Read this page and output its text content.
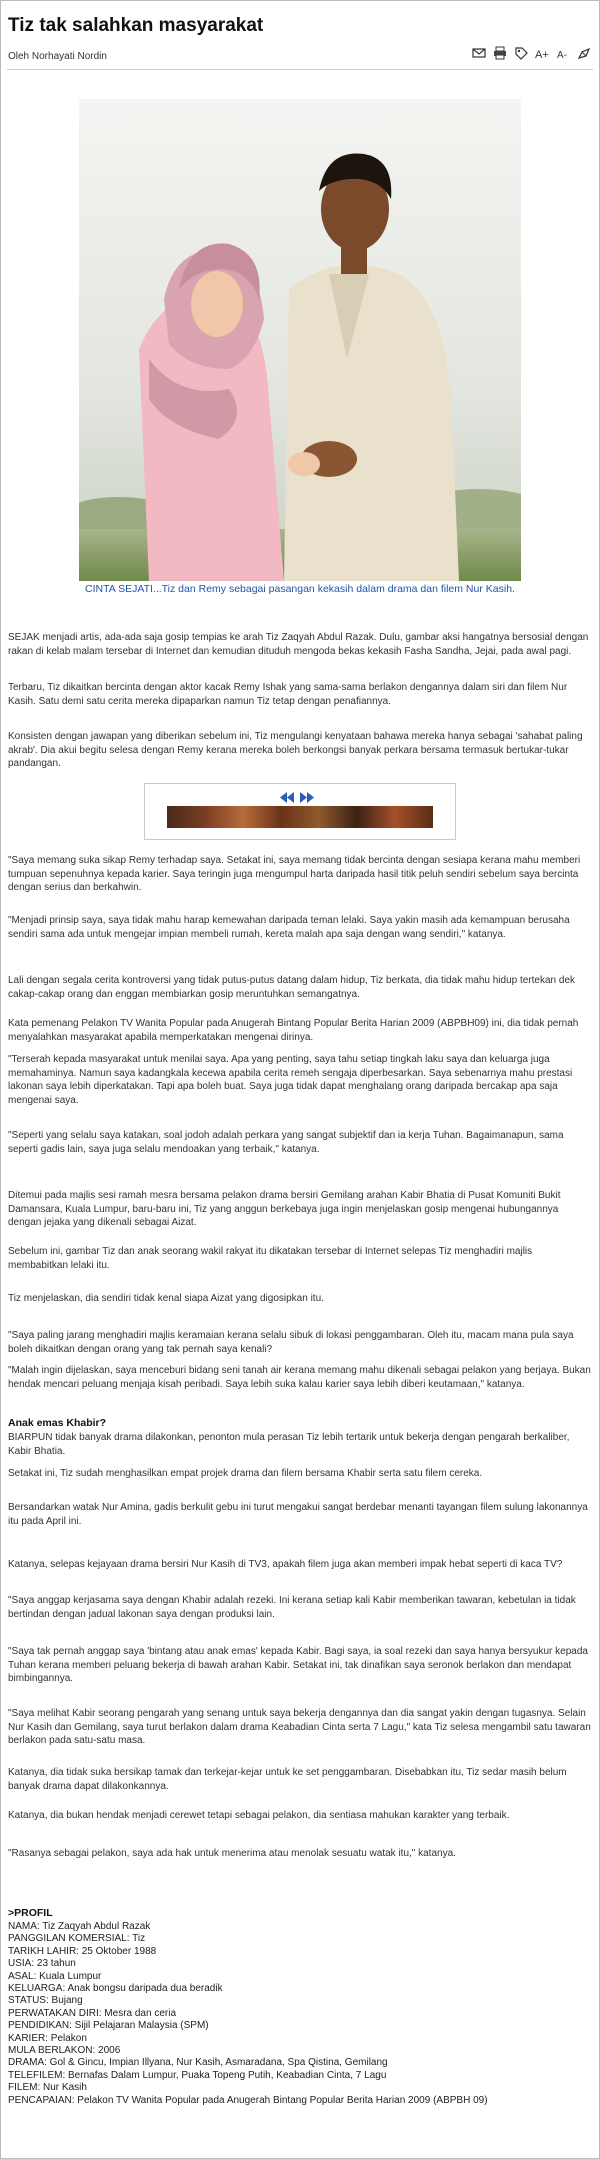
Tiz tak salahkan masyarakat
Oleh Norhayati Nordin	A+ A-
CINTA SEJATI...Tiz dan Remy sebagai pasangan kekasih dalam drama dan filem Nur Kasih.

SEJAK menjadi artis, ada-ada saja gosip tempias ke arah Tiz Zaqyah Abdul Razak. Dulu, gambar aksi hangatnya bersosial dengan rakan di kelab malam tersebar di Internet dan kemudian dituduh mengoda bekas kekasih Fasha Sandha, Jejai, pada awal pagi.

Terbaru, Tiz dikaitkan bercinta dengan aktor kacak Remy Ishak yang sama-sama berlakon dengannya dalam siri dan filem Nur Kasih. Satu demi satu cerita mereka dipaparkan namun Tiz tetap dengan penafiannya.

Konsisten dengan jawapan yang diberikan sebelum ini, Tiz mengulangi kenyataan bahawa mereka hanya sebagai 'sahabat paling akrab'. Dia akui begitu selesa dengan Remy kerana mereka boleh berkongsi banyak perkara bersama termasuk bertukar-tukar pandangan.

"Saya memang suka sikap Remy terhadap saya. Setakat ini, saya memang tidak bercinta dengan sesiapa kerana mahu memberi tumpuan sepenuhnya kepada karier. Saya teringin juga mengumpul harta daripada hasil titik peluh sendiri sebelum saya bercinta dengan serius dan berkahwin.

"Menjadi prinsip saya, saya tidak mahu harap kemewahan daripada teman lelaki. Saya yakin masih ada kemampuan berusaha sendiri sama ada untuk mengejar impian membeli rumah, kereta malah apa saja dengan wang sendiri," katanya.

Lali dengan segala cerita kontroversi yang tidak putus-putus datang dalam hidup, Tiz berkata, dia tidak mahu hidup tertekan dek cakap-cakap orang dan enggan membiarkan gosip meruntuhkan semangatnya.

Kata pemenang Pelakon TV Wanita Popular pada Anugerah Bintang Popular Berita Harian 2009 (ABPBH09) ini, dia tidak pernah menyalahkan masyarakat apabila memperkatakan mengenai dirinya.

"Terserah kepada masyarakat untuk menilai saya. Apa yang penting, saya tahu setiap tingkah laku saya dan keluarga juga memahaminya. Namun saya kadangkala kecewa apabila cerita remeh sengaja diperbesarkan. Saya sebenarnya mahu prestasi lakonan saya lebih diperkatakan. Tapi apa boleh buat. Saya juga tidak dapat menghalang orang daripada bercakap apa saja mengenai saya.

"Seperti yang selalu saya katakan, soal jodoh adalah perkara yang sangat subjektif dan ia kerja Tuhan. Bagaimanapun, sama seperti gadis lain, saya juga selalu mendoakan yang terbaik," katanya.

Ditemui pada majlis sesi ramah mesra bersama pelakon drama bersiri Gemilang arahan Kabir Bhatia di Pusat Komuniti Bukit Damansara, Kuala Lumpur, baru-baru ini, Tiz yang anggun berkebaya juga ingin menjelaskan gosip mengenai hubungannya dengan jejaka yang dikenali sebagai Aizat.

Sebelum ini, gambar Tiz dan anak seorang wakil rakyat itu dikatakan tersebar di Internet selepas Tiz menghadiri majlis membabitkan lelaki itu.

Tiz menjelaskan, dia sendiri tidak kenal siapa Aizat yang digosipkan itu.

"Saya paling jarang menghadiri majlis keramaian kerana selalu sibuk di lokasi penggambaran. Oleh itu, macam mana pula saya boleh dikaitkan dengan orang yang tak pernah saya kenali?

"Malah ingin dijelaskan, saya menceburi bidang seni tanah air kerana memang mahu dikenali sebagai pelakon yang berjaya. Bukan hendak mencari peluang menjaja kisah peribadi. Saya lebih suka kalau karier saya lebih diberi keutamaan," katanya.

Anak emas Khabir?

BIARPUN tidak banyak drama dilakonkan, penonton mula perasan Tiz lebih tertarik untuk bekerja dengan pengarah berkaliber, Kabir Bhatia.

Setakat ini, Tiz sudah menghasilkan empat projek drama dan filem bersama Khabir serta satu filem cereka.

Bersandarkan watak Nur Amina, gadis berkulit gebu ini turut mengakui sangat berdebar menanti tayangan filem sulung lakonannya itu pada April ini.

Katanya, selepas kejayaan drama bersiri Nur Kasih di TV3, apakah filem juga akan memberi impak hebat seperti di kaca TV?

"Saya anggap kerjasama saya dengan Khabir adalah rezeki. Ini kerana setiap kali Kabir memberikan tawaran, kebetulan ia tidak bertindan dengan jadual lakonan saya dengan produksi lain.

"Saya tak pernah anggap saya 'bintang atau anak emas' kepada Kabir. Bagi saya, ia soal rezeki dan saya hanya bersyukur kepada Tuhan kerana memberi peluang bekerja di bawah arahan Kabir. Setakat ini, tak dinafikan saya seronok berlakon dan mendapat bimbingannya.

"Saya melihat Kabir seorang pengarah yang senang untuk saya bekerja dengannya dan dia sangat yakin dengan tugasnya. Selain Nur Kasih dan Gemilang, saya turut berlakon dalam drama Keabadian Cinta serta 7 Lagu," kata Tiz selesa mengambil satu tawaran berlakon pada satu-satu masa.

Katanya, dia tidak suka bersikap tamak dan terkejar-kejar untuk ke set penggambaran. Disebabkan itu, Tiz sedar masih belum banyak drama dapat dilakonkannya.

Katanya, dia bukan hendak menjadi cerewet tetapi sebagai pelakon, dia sentiasa mahukan karakter yang terbaik.

"Rasanya sebagai pelakon, saya ada hak untuk menerima atau menolak sesuatu watak itu," katanya.

>PROFIL
NAMA: Tiz Zaqyah Abdul Razak
PANGGILAN KOMERSIAL: Tiz
TARIKH LAHIR: 25 Oktober 1988
USIA: 23 tahun
ASAL: Kuala Lumpur
KELUARGA: Anak bongsu daripada dua beradik
STATUS: Bujang
PERWATAKAN DIRI: Mesra dan ceria
PENDIDIKAN: Sijil Pelajaran Malaysia (SPM)
KARIER: Pelakon
MULA BERLAKON: 2006
DRAMA: Gol & Gincu, Impian Illyana, Nur Kasih, Asmaradana, Spa Qistina, Gemilang
TELEFILEM: Bernafas Dalam Lumpur, Puaka Topeng Putih, Keabadian Cinta, 7 Lagu
FILEM: Nur Kasih
PENCAPAIAN: Pelakon TV Wanita Popular pada Anugerah Bintang Popular Berita Harian 2009 (ABPBH 09)
